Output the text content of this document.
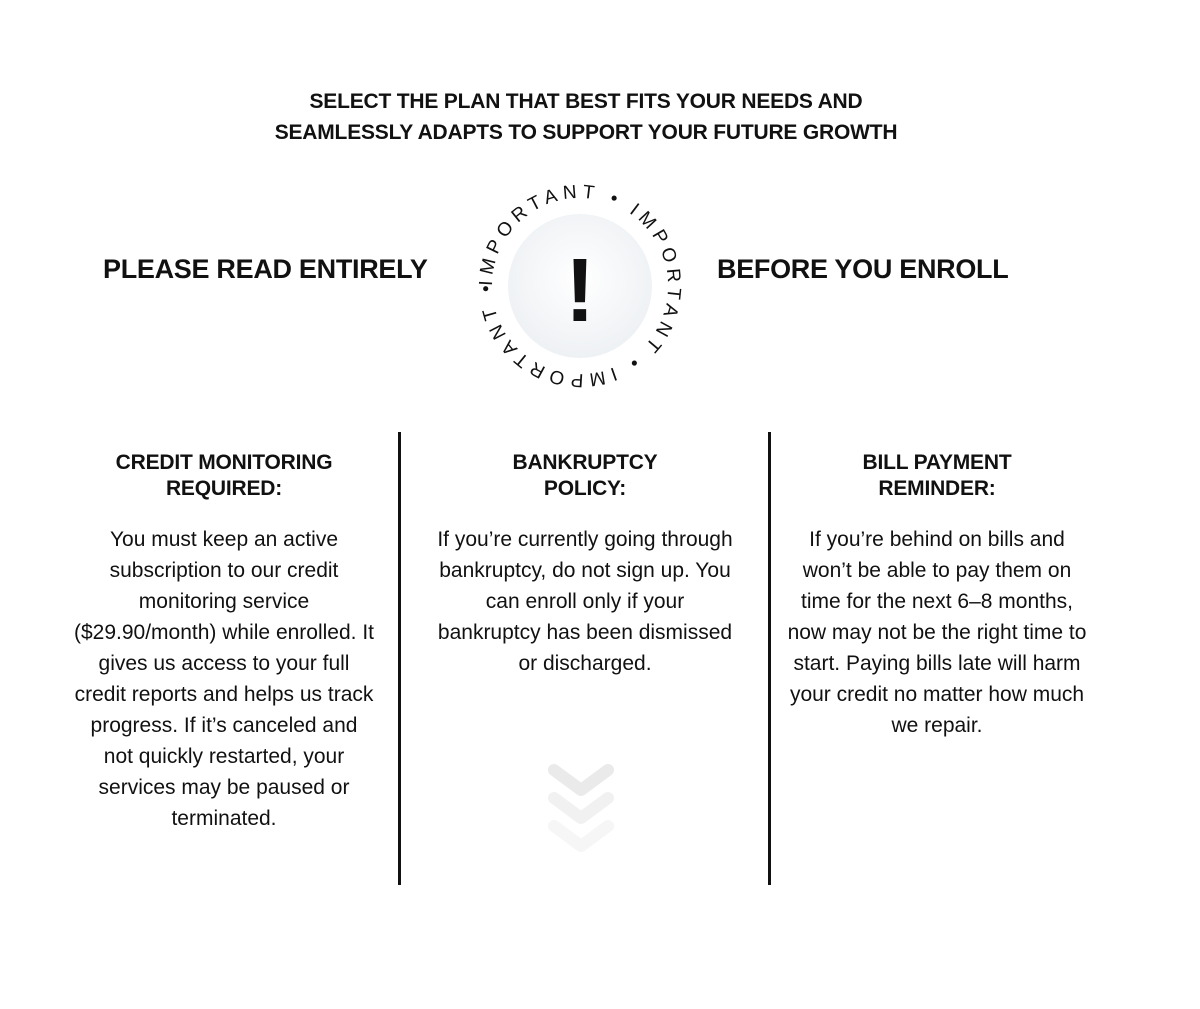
SELECT THE PLAN THAT BEST FITS YOUR NEEDS AND
SEAMLESSLY ADAPTS TO SUPPORT YOUR FUTURE GROWTH
PLEASE READ ENTIRELY	IMPORTANT • IMPORTANT • IMPORTANT • !	BEFORE YOU ENROLL
CREDIT MONITORING
REQUIRED:

You must keep an active subscription to our credit monitoring service ($29.90/month) while enrolled. It gives us access to your full credit reports and helps us track progress. If it’s canceled and not quickly restarted, your services may be paused or terminated.

BANKRUPTCY
POLICY:

If you’re currently going through bankruptcy, do not sign up. You can enroll only if your bankruptcy has been dismissed or discharged.

BILL PAYMENT
REMINDER:

If you’re behind on bills and won’t be able to pay them on time for the next 6–8 months, now may not be the right time to start. Paying bills late will harm your credit no matter how much we repair.
